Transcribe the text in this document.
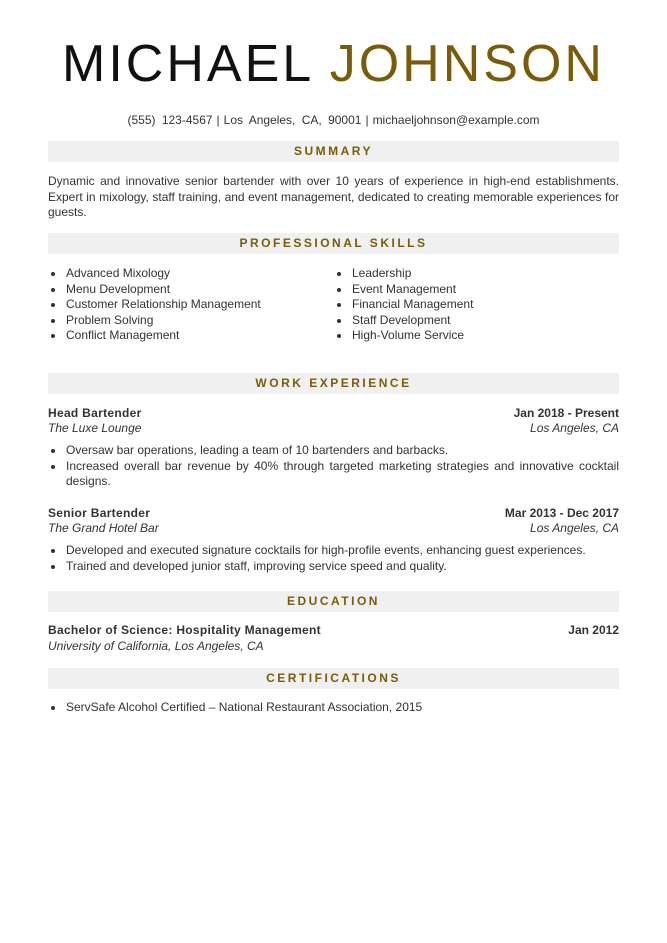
MICHAEL JOHNSON
(555) 123-4567 | Los Angeles, CA, 90001 | michaeljohnson@example.com
SUMMARY
Dynamic and innovative senior bartender with over 10 years of experience in high-end establishments. Expert in mixology, staff training, and event management, dedicated to creating memorable experiences for guests.
PROFESSIONAL SKILLS
Advanced Mixology
Menu Development
Customer Relationship Management
Problem Solving
Conflict Management
Leadership
Event Management
Financial Management
Staff Development
High-Volume Service
WORK EXPERIENCE
Head Bartender	Jan 2018 - Present
The Luxe Lounge	Los Angeles, CA
Oversaw bar operations, leading a team of 10 bartenders and barbacks.
Increased overall bar revenue by 40% through targeted marketing strategies and innovative cocktail designs.
Senior Bartender	Mar 2013 - Dec 2017
The Grand Hotel Bar	Los Angeles, CA
Developed and executed signature cocktails for high-profile events, enhancing guest experiences.
Trained and developed junior staff, improving service speed and quality.
EDUCATION
Bachelor of Science: Hospitality Management	Jan 2012
University of California, Los Angeles, CA
CERTIFICATIONS
ServSafe Alcohol Certified – National Restaurant Association, 2015
